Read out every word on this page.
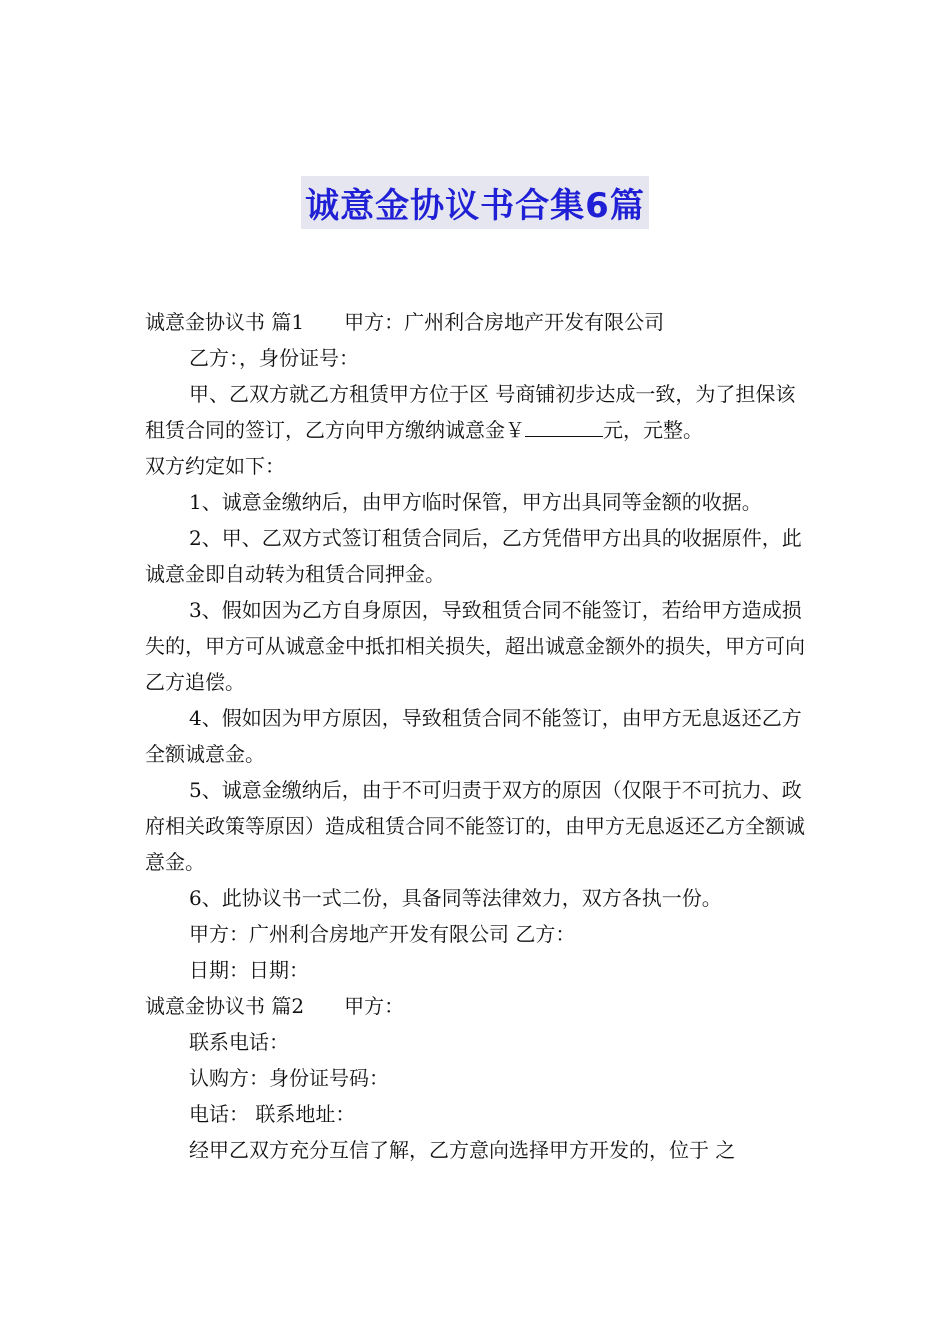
诚意金协议书合集6篇

诚意金协议书 篇1 甲方：广州利合房地产开发有限公司

乙方：，身份证号：

甲、乙双方就乙方租赁甲方位于区 号商铺初步达成一致，为了担保该租赁合同的签订，乙方向甲方缴纳诚意金￥	元，元整。

双方约定如下：

1、诚意金缴纳后，由甲方临时保管，甲方出具同等金额的收据。

2、甲、乙双方式签订租赁合同后，乙方凭借甲方出具的收据原件，此诚意金即自动转为租赁合同押金。

3、假如因为乙方自身原因，导致租赁合同不能签订，若给甲方造成损失的，甲方可从诚意金中抵扣相关损失，超出诚意金额外的损失，甲方可向乙方追偿。

4、假如因为甲方原因，导致租赁合同不能签订，由甲方无息返还乙方全额诚意金。

5、诚意金缴纳后，由于不可归责于双方的原因（仅限于不可抗力、政府相关政策等原因）造成租赁合同不能签订的，由甲方无息返还乙方全额诚意金。

6、此协议书一式二份，具备同等法律效力，双方各执一份。

甲方：广州利合房地产开发有限公司 乙方：

日期：日期：

诚意金协议书 篇2 甲方：

联系电话：

认购方：身份证号码：

电话： 联系地址：

经甲乙双方充分互信了解，乙方意向选择甲方开发的，位于 之
